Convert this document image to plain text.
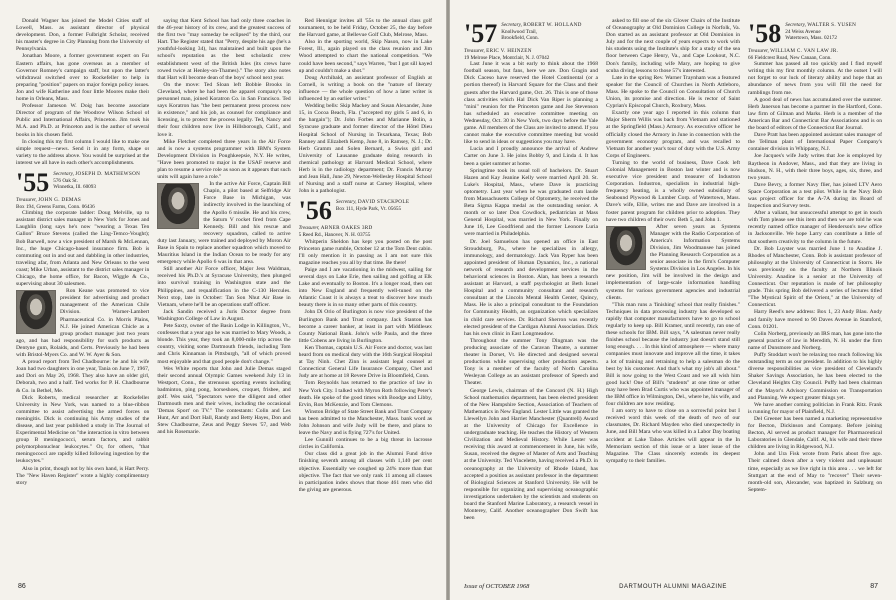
Donald Wagner has joined the Model Cities staff of Lowell, Mass. as assistant director of physical development. Don, a former Fulbright Scholar, received his master's degree in City Planning from the University of Pennsylvania.

Jonathan Moore, a former government expert on Far Eastern affairs, has gone overseas as a member of Governor Romney's campaign staff, but upon the latter's withdrawal switched over to Rockefeller to help in preparing "position" papers on major foreign policy issues. Jon and wife Katherine and four little Moores make their home in Orleans, Mass.

Professor Jameson W. Doig has become associate Director of program of the Woodrow Wilson School of Public and International Affairs, Princeton. Jim took his M.A. and Ph.D. at Princeton and is the author of several books in his chosen field.

In closing this my first column I would like to make one simple request—news. Send it in any form, shape or variety to the address above. You would be surprised at the interest we all have in each other's accomplishments.

'55 Secretary, JOSEPH D. MATHEWSON
576 Oak St.
Winnetka, Ill. 60093
Treasurer, JOHN G. DEMAS
Box 194, Greens Farms, Conn. 06436

Climbing the corporate ladder: Doug Melville, up to assistant district sales manager in New York for Jones and Laughlin (long says he's now "wearing a Texas Ten Gallon" Bruce Stevens (called the Ling-Temco-Vought); Bob Barwell, now a vice president of Marsh & McLennan, Inc., the huge Chicago-based insurance firm. Bob is commuting out in and out and dabbling in other industries, traveling afar, from Atlanta and New Orleans to the west coast; Mike Urban, assistant to the district sales manager in Chicago, the home office, for Bacon, Wiggle & Co., supervising about 30 salesmen.

Ron Keane was promoted to vice president for advertising and product management of the American Chile Division. Warner-Lambert Pharmaceutical Co. in Morris Plains, N.J. He joined American Chicle as a group product manager just two years ago, and has had responsibility for such products as Dentyne gum, Rolaids, and Certs. Previously he had been with Bristol-Myers Co. and W. W. Ayer & Son.

A proud report from Ted Chadbourne: he and his wife Joan had two daughters in one year, Tania on June 7, 1967, and Dori on May 26, 1968. They also have an older girl, Deborah, two and a half. Ted works for P. H. Chadbourne & Co. in Bethel, Me.

Dick Roberts, medical researcher at Rockefeller University in New York, was named to a blue-ribbon committee to assist advertising the armed forces on meningitis. Dick is continuing his Army studies of the disease, and last year published a study in The Journal of Experimental Medicine on "the interaction in vitro between group B meningococci, serum factors, and rabbit polymorphonuclear leukocytes." Or, for others, "that meningococci are rapidly killed following ingestion by the leukocytes."

Also in print, though not by his own hand, is Hart Perry. The "New Haven Register" wrote a highly complimentary story

saying that Kent School has had only three coaches in the 46-year history of its crew, and the greatest success of the first two "may someday be eclipsed" by the third, our Hart. The Register stated that "Perry, despite his age (he's a youthful-looking 34), has maintained and built upon the school's reputation as the best scholastic crew establishment west of the British Isles (its crews have rowed twice at Henley-on-Thames)." The story also notes that Hart will become dean of the boys' school next year.

On the move: Ted Sloan left Bobbie Brooks in Cleveland, where he had been the apparel company's top personnel man, joined Koratron Co. in San Francisco. Ted says Koratron has "the best permanent press process now in existence," and his job, as counsel for compliance and licensing, is to protect the process legally. Ted, Nancy and their four children now live in Hillsborough, Calif., and love it.

Mike Fletcher completed three years in the Air Force and is now a systems programmer with IBM's System Development Division in Poughkeepsie, N.Y. He writes, "Have been promoted to major in the USAF reserve and plan to resume a service role as soon as it appears that such units will again have a role."

In the active Air Force, Captain Bill Chapin, a pilot based at Selfridge Air Force Base in Michigan, was indirectly involved in the launching of the Apollo 6 missile. He and his crew, the Saturn V rocket fired from Cape Kennedy. Bill and his rescue and recovery squadron, called to active duty last January, were trained and deployed by Moron Air Base in Spain to replace another squadron which moved to Mauritius Island in the Indian Ocean to be ready for any emergency while Apollo 6 was in that area.

Still another Air Force officer, Major Jess Waldman, received his Ph.D.'s at Syracuse University, then plunged into survival training in Washington state and the Philippines, and requalification in the C-130 Hercules. Next stop, late in October: Tan Son Nhut Air Base in Vietnam, where he'll be an operations staff officer.

Jack Sandin received a Juris Doctor degree from Washington College of Law in August.

Pete Saxty, owner of the Basin Lodge in Killington, Vt., confesses that a year ago he was married to Mary Woods, a blonde. This year, they took an 8,000-mile trip across the country, visiting some Dartmouth friends, including Tom and Chris Kinnaman in Pittsburgh, "all of which proved most enjoyable and that good people don't change."

Wes White reports that John and Julie Demas staged their second annual Olympic Games weekend July 13 in Westport, Conn., the strenuous sporting events including badminton, ping pong, horseshoes, croquet, frisbee, and golf. Wes said, "Spectators were the diligent and other Dartmouth men and their wives, including the occasional 'Demas Sport' on TV." The contestants: Colin and Les Hunt, Arr and Dort Hall, Randy and Betty Hayes, Don and Stew Chadbourne, Zeus and Peggy Steves '57, and Web and his Rosemarie.

Red Hennigar invites all '55s to the annual class golf tournament, to be held Friday, October 25, the day before the Harvard game, at Bellevue Golf Club, Melrose, Mass.

Also in the sporting world, Skip Nason, now in Lake Forest, Ill., again played on the class reunion and Jim Wood attempted to chart the national competition. "We could have been second," says Warren, "but I got sill kayed up and couldn't make a shot."

Doug Archibald, an assistant professor of English at Cornell, is writing a book on the "nature of literary influence — the whole question of how a later writer is influenced by an earlier writer."

Wedding bells: Skip Mackey and Susan Alexander, June 15, in Cocoa Beach, Fla. ("accepted my girls 5 and 6, in the bargain"); Dr. John Forbes and Marianne Bolin, a Syracuse graduate and former director of the Hôtel Dieu Hospital School of Nursing in Texarkana, Texas; Bob Ranney and Elizabeth Kemp, June 8, in Ramsey, N. J.; Dr. Herb Gramm and Solen Bernard, a Swiss girl and University of Lausanne graduate doing research in chemical pathology at Harvard Medical School, where Herb is in the radiology department; Dr. Francis Murray and Jean Hall, June 29, Newton-Wellesley Hospital School of Nursing and a staff nurse at Carney Hospital, where John is a pathologist.

'56 Secretary, DAVID STACKPOLE
Box 111, Hyde Park, Vt. 05655
Treasurer, ABNER OAKES 3RD
5 Reed Rd., Hanover, N. H. 03755

Whitperin Sheldon has kept you posted on the post Princeton game rumble, October 12 at the Tom Dent cabin. I'll only mention it in passing as I am not sure this magazine reaches you all by that time. Be there!

Paige and I are vacationing in the midwest, sailing for several days on Lake Erie, then sailing and golfing at Elk Lake and eventually to Boston. It's a longer road, then out into New England and frequently well-tuned on the Atlantic Coast it is always a treat to discover how much beauty there is in so many other parts of this country.

John Di Orio of Burlington is now vice president of the Burlington Bank and Trust company. Jack Stanton has become a career banker, at least in part with Middlesex County National Bank. John's wife Paula, and the three little Cobens are living in Burlington.

Ken Thomas, captain U.S. Air Force and doctor, was last heard from on medical duty with the 16th Surgical Hospital at Tay Ninh. Chet Zinn is assistant legal counsel at Connecticut General Life Insurance Company, Chet and Judy are at home at 18 Revere Drive in Bloomfield, Conn.

Tom Reynolds has returned to the practice of law in New York City. I talked with Myron Roth following Peter's death. He spoke of the good times with Boodge and Libby, Ervin, Ron McKenzie, and Tom Clemons.

Winston Bridge of State Street Bank and Trust Company has been admitted to the Manchester, Mass. bank word as John Johnson and wife Judy will be there, and plans to leave the Navy and is flying 727's for United.

Lee Gunnill continues to be a big threat in lacrosse circles in California.

Our class did a great job in the Alumni Fund drive finishing seventh among all classes with 1,140 per cent objective. Essentially we coughed up 24% more than that objective. The fact that we only rank 11 among all classes in participation index shows that those 461 men who did the giving are generous.

86
'57 Secretary, ROBERT W. HOLLAND
Knollwood Trail,
Brookfield, Conn.
Treasurer, ERIC V. HEINZEN
19 Melrose Place, Montclair, N. J. 07042

Last June it was a bit early to think about the 1968 football season, but fans, here we are. Don Gragin and Dick Caceso have reserved the Hotel Continental (or a portion thereof) in Harvard Square for the Class and their guests after the Harvard game, Oct. 26. This is one of those class activities which Hal Dick Van Riper is planning a "mini" reunion for the Princeton game and Joe Stevenson has scheduled an executive committee meeting on Wednesday, Oct. 30 in New York, two days before the Yale game. All members of the Class are invited to attend. If you cannot make the executive committee meeting but would like to send in ideas or suggestions you may have.

Lucia and I proudly announce the arrival of Andrew Carter on June 3. He joins Bobby 9, and Linda 4. It has been a quiet summer at home.

Springtime took its usual toll of bachelors. Dr. Stuart Hazen and Kay Jeanine Kelly were married April 20. St. Luke's Hospital, Mass., where Dave is practicing optometry. Last year when he was graduated cum laude from Massachusetts College of Optometry, he received the Beta Sigma Kappa medal as the outstanding senior. A month or so later Don Cowdlock, pediatrician at Mass General Hospital, was married in New York. Finally on June 16, Lee Goodfriend and the former Leonore Luria were married in Philadelphia.

Dr. Joel Samuelson has opened an office in East Stroudsburg, Pa., where he specializes in allergy, immunology, and dermatology. Jack Van Ryper has been appointed president of Human Dynamics, Inc., a national network of research and development services in the behavioral sciences in Boston. Alan, has been a research assistant at Harvard, a staff psychologist at Beth Israel Hospital and a community consultant and research consultant at the Lincoln Mental Health Center, Quincy, Mass. He is also a principal consultant to the Foundation for Community Health, an organization which specializes in child care services. Dr. Richard Sherron was recently elected president of the Cardigan Alumni Association. Dick has his own clinic in East Longmeadow.

Throughout the summer Tony Dingman was the producing associate of the Caravan Theatre, a summer theater in Dorset, Vt. He directed and designed several productions while supervising other production aspects. Tony is a member of the faculty of North Carolina Wesleyan College as an assistant professor of Speech and Theater.

George Lewis, chairman of the Concord (N. H.) High School mathematics department, has been elected president of the New Hampshire Section, Association of Teachers of Mathematics in New England. Lester Little was granted the Llewellyn John and Harriet Manchester (Quantrell) Award at the University of Chicago for Excellence in undergraduate teaching. He teaches the History of Western Civilization and Medieval History. While Lester was receiving this award at commencement in June, his wife, Susan, received the degree of Master of Arts and Teaching at the University. Ted Vincelette, having received a Ph.D. in oceanography at the University of Rhode Island, has accepted a position as assistant professor in the department of Biological Sciences at Stanford University. He will be responsible for organizing and supervising oceanographic investigations undertaken by the scientists and students on board the Stanford Marine Laboratory, a research vessel in Monterey, Calif. Another oceanographer Don Swift has been

asked to fill one of the six Glover Chairs of the Institute of Oceanography at Old Dominion College in Norfolk, Va. Don started as an assistant professor at Old Dominion in July and for the next couple of years expects to work with his students using the Institute's ship for a study of the sea floor between Cape Henry, Va., and Cape Lookout, N.C. Don's family, including wife Mary, are hoping to give scuba diving lessons to those 57's interested.

Late in the spring Rev. Warner Traynham was a featured speaker for the Council of Churches in North Attleboro, Mass. He spoke to the Council on Consultation of Church Union, its promise and direction. He is rector of Saint Cyprian's Episcopal Church, Roxbury, Mass.

Exactly one year ago I reported in this column that Major Sherm Willis was back from Vietnam and stationed at the Springfield (Mass.) Armory. As executive officer he officially closed the Armory in June in connection with the government economy program, and was recalled to Vietnam for another year's tour of duty with the U.S. Army Corps of Engineers.

Turning to the world of business, Dave Cook left Colonial Management in Boston last winter and is now executive vice president and treasurer of Industron Corporation. Industron, specialists in industrial high-frequency heating, is a wholly owned subsidiary of Seabound Plywood & Lumber Corp. of Watertown, Mass. Dave's wife, Ellie, writes me and Dave are involved in a foster parent program for children prior to adoption. They have two children of their own: Beth 5, and John 1.

After seven years as Systems Manager with the Radio Corporation of America's Information Systems Division, Jim Woodmansee has joined the Planning Research Corporation as a senior associate in the firm's Computer Systems Division in Los Angeles. In his new position, Jim will be involved in the design and implementation of large-scale information handling systems for various government agencies and industrial clients.

"This man runs a 'finishing' school that really finishes." Techniques in data processing industry has developed so rapidly that computer manufacturers have to go to school regularly to keep up. Bill Kramer, until recently, ran one of these schools for IBM. Bill says, "A salesman never really finishes school because the industry just doesn't stand still long enough. . . . In this kind of atmosphere — where many companies must innovate and improve all the time, it takes a lot of training and retraining to help a salesman do the best by his customer. And that's what my job's all about." Bill is now going to the West Coast and we all wish him good luck! One of Bill's "students" at one time or other may have been Brad Curtis who was appointed manager of the IBM office in Wilmington, Del., where he, his wife, and four children are now residing.

I am sorry to have to close on a sorrowful point but I received word this week of the death of two of our classmates, Dr. Richard Mayden who died unexpectedly in June, and Bill Mara who was killed in a Labor Day boating accident at Lake Tahoe. Articles will appear in the In Memoriam section of this issue or a later issue of the Magazine. The Class sincerely extends its deepest sympathy to their families.

'58 Secretary, WALTER S. YUSEN
24 Weiss Avenue
Watertown, Mass. 02172
Treasurer, WILLIAM C. VAN LAW JR.
66 Fieldcrest Road, New Canaan, Conn.

Summer has passed all too quickly and I find myself writing this my first monthly column. At the outset I will not forget to our luck of literary ability and hope that an abundance of news from you will fill the need for ramblings from me.

A good deal of news has accumulated over the summer. Herb Janerson has become a partner in the Hartford, Conn. law firm of Gilman and Marks. Herb is a member of the American Bar and Connecticut Bar Associations and is on the board of editors of the Connecticut Bar Journal.

Dave Pratt has been appointed assistant sales manager of the Tellman plant of International Paper Company's container division in Whippany, N.J.

Joe Jacques's wife Judy writes that Joe is employed by Raytheon in Andover, Mass., and that they are living in Hudson, N. H., with their three boys, ages, six, three, and two years.

Dave Bevry, a former Navy flier, has joined LTV Aero Space Corporation as a test pilot. While in the Navy Bob was project officer for the A-7A during its Board of Inspection and Survey tests.

After a valiant, but unsuccessful attempt to get in touch with Tom please see this item and then we are told he was recently named office manager of Henderson's new office in Jacksonville. We hope Larry can contribute a little of that southern creativity to the column in the future.

Dr. Bob Luyster was married June 1 to Anadine J. Rhodes of Manchester, Conn. Bob is assistant professor of philosophy at the University of Connecticut in Storrs. He was previously on the faculty at Northern Illinois University. Anadine is a senior at the University of Connecticut. Our reputation is made of her philosophy grade. This spring Bob delivered a series of lectures titled "The Mystical Spirit of the Orient," at the University of Connecticut.

Harry Reed's new address: Box 1, 23 Andy Blau. Andy and family have moved to 90 Daves Avenue in Stamford, Conn. 01201.

Colin Norberg, previously an IRS man, has gone into the general practice of law in Meredith, N. H. under the firm name of Dunsmore and Norberg.

Puffy Stoddart won't be relaxing too much following his outstanding term as our president. In addition to his highly diverse responsibilities as vice president of Cleveland's Shaker Savings Association, he has been elected to the Cleveland Heights City Council. Puffy had been chairman of the Mayor's Advisory Commission on Transportation and Planning. We expect greater things yet.

We have another coming politician in Frank Ritz. Frank is running for mayor of Plainfield, N.J.

Del Greener has been named a marketing representative for Becton, Dickinson and Company. Before joining Becton, Al served as product manager for Pharmaceutical Laboratories in Glendale, Calif. Al, his wife and their three children are living in Ridgewood, N.J.

John and Ura Fisk wrote from Paris about five ago. Their calmed down after a very violent and unpleasant time, especially as we live right in this area . . . we left for Stuttgart at the end of May to "recover" Their seven-month-old son, Alexander, was baptized in Salzburg on Septem-

Issue of OCTOBER 1968	DARTMOUTH ALUMNI MAGAZINE	87
